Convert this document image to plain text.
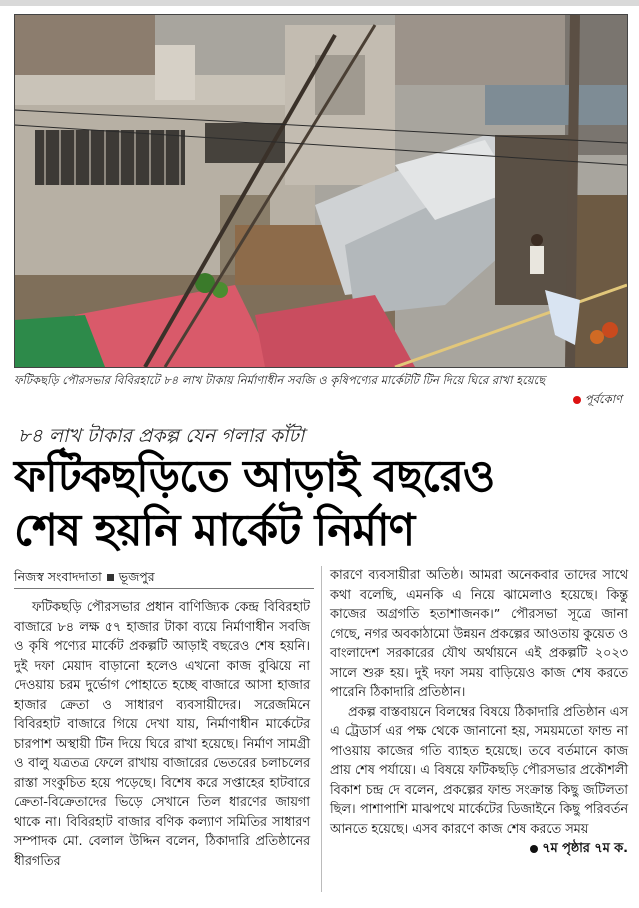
ফটিকছড়ি পৌরসভার বিবিরহাটে ৮৪ লাখ টাকায় নির্মাণাধীন সবজি ও কৃষিপণ্যের মার্কেটটি টিন দিয়ে ঘিরে রাখা হয়েছে
পূর্বকোণ
৮৪ লাখ টাকার প্রকল্প যেন গলার কাঁটা
ফটিকছড়িতে আড়াই বছরেও
শেষ হয়নি মার্কেট নির্মাণ
নিজস্ব সংবাদদাতা ভূজপুর

ফটিকছড়ি পৌরসভার প্রধান বাণিজ্যিক কেন্দ্র বিবিরহাট বাজারে ৮৪ লক্ষ ৫৭ হাজার টাকা ব্যয়ে নির্মাণাধীন সবজি ও কৃষি পণ্যের মার্কেট প্রকল্পটি আড়াই বছরেও শেষ হয়নি। দুই দফা মেয়াদ বাড়ানো হলেও এখনো কাজ বুঝিয়ে না দেওয়ায় চরম দুর্ভোগ পোহাতে হচ্ছে বাজারে আসা হাজার হাজার ক্রেতা ও সাধারণ ব্যবসায়ীদের। সরেজমিনে বিবিরহাট বাজারে গিয়ে দেখা যায়, নির্মাণাধীন মার্কেটের চারপাশ অস্থায়ী টিন দিয়ে ঘিরে রাখা হয়েছে। নির্মাণ সামগ্রী ও বালু যত্রতত্র ফেলে রাখায় বাজারের ভেতরের চলাচলের রাস্তা সংকুচিত হয়ে পড়েছে। বিশেষ করে সপ্তাহের হাটবারে ক্রেতা-বিক্রেতাদের ভিড়ে সেখানে তিল ধারণের জায়গা থাকে না। বিবিরহাট বাজার বণিক কল্যাণ সমিতির সাধারণ সম্পাদক মো. বেলাল উদ্দিন বলেন, ঠিকাদারি প্রতিষ্ঠানের ধীরগতির

কারণে ব্যবসায়ীরা অতিষ্ঠ। আমরা অনেকবার তাদের সাথে কথা বলেছি, এমনকি এ নিয়ে ঝামেলাও হয়েছে। কিন্তু কাজের অগ্রগতি হতাশাজনক।” পৌরসভা সূত্রে জানা গেছে, নগর অবকাঠামো উন্নয়ন প্রকল্পের আওতায় কুয়েত ও বাংলাদেশ সরকারের যৌথ অর্থায়নে এই প্রকল্পটি ২০২৩ সালে শুরু হয়। দুই দফা সময় বাড়িয়েও কাজ শেষ করতে পারেনি ঠিকাদারি প্রতিষ্ঠান।

প্রকল্প বাস্তবায়নে বিলম্বের বিষয়ে ঠিকাদারি প্রতিষ্ঠান এস এ ট্রেডার্স এর পক্ষ থেকে জানানো হয়, সময়মতো ফান্ড না পাওয়ায় কাজের গতি ব্যাহত হয়েছে। তবে বর্তমানে কাজ প্রায় শেষ পর্যায়ে। এ বিষয়ে ফটিকছড়ি পৌরসভার প্রকৌশলী বিকাশ চন্দ্র দে বলেন, প্রকল্পের ফান্ড সংক্রান্ত কিছু জটিলতা ছিল। পাশাপাশি মাঝপথে মার্কেটের ডিজাইনে কিছু পরিবর্তন আনতে হয়েছে। এসব কারণে কাজ শেষ করতে সময়

৭ম পৃষ্ঠার ৭ম ক.
